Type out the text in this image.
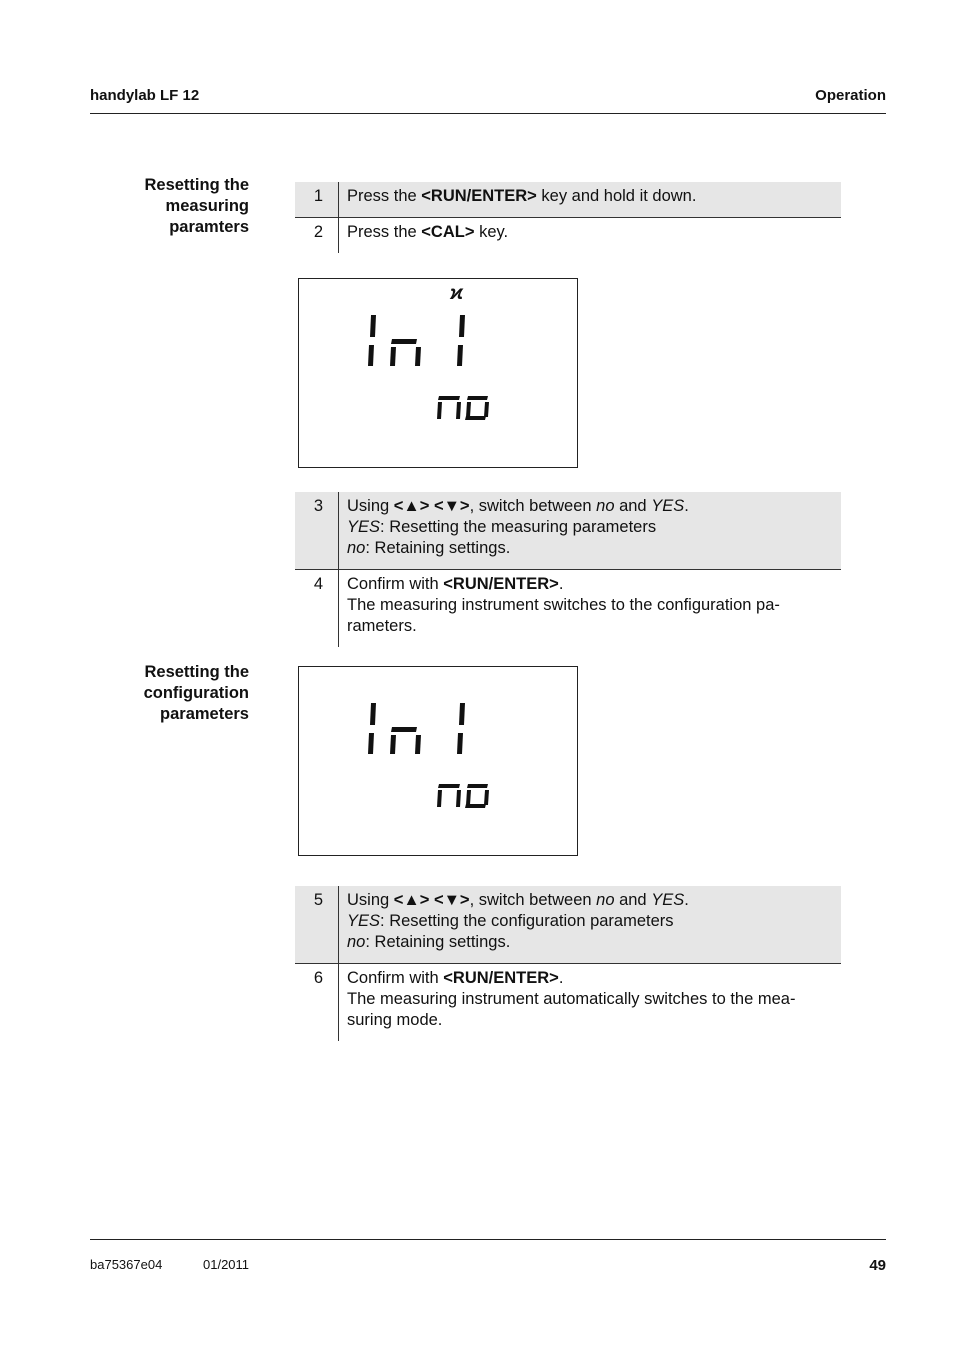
handylab LF 12	Operation
Resetting the
measuring
paramters
1	Press the <RUN/ENTER> key and hold it down.
2	Press the <CAL> key.
ϰ
Ini
no
3	Using <▲> <▼>, switch between no and YES.
YES: Resetting the measuring parameters
no: Retaining settings.
4	Confirm with <RUN/ENTER>.
The measuring instrument switches to the configuration pa-
rameters.
Resetting the
configuration
parameters
Ini
no
5	Using <▲> <▼>, switch between no and YES.
YES: Resetting the configuration parameters
no: Retaining settings.
6	Confirm with <RUN/ENTER>.
The measuring instrument automatically switches to the mea-
suring mode.
ba75367e04	01/2011	49
